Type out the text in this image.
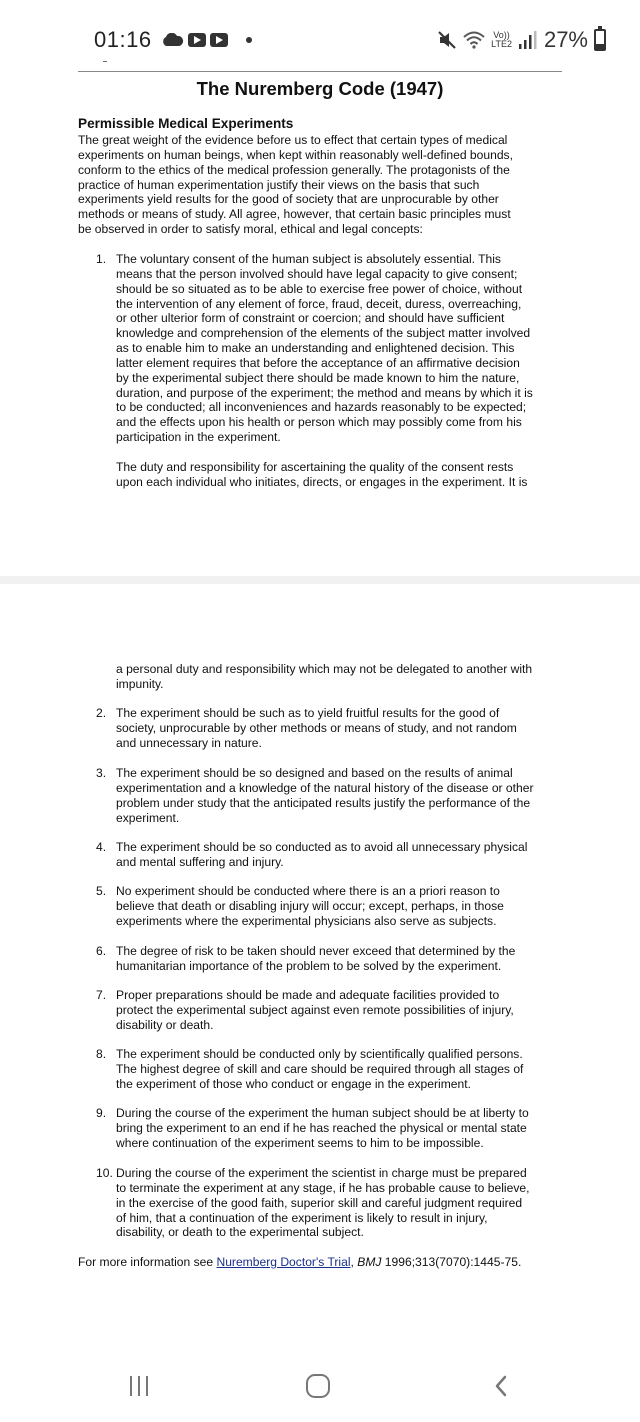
01:16	Vo))
LTE2 27%
The Nuremberg Code (1947)
Permissible Medical Experiments
The great weight of the evidence before us to effect that certain types of medical
experiments on human beings, when kept within reasonably well-defined bounds,
conform to the ethics of the medical profession generally. The protagonists of the
practice of human experimentation justify their views on the basis that such
experiments yield results for the good of society that are unprocurable by other
methods or means of study. All agree, however, that certain basic principles must
be observed in order to satisfy moral, ethical and legal concepts:
1. The voluntary consent of the human subject is absolutely essential. This
means that the person involved should have legal capacity to give consent;
should be so situated as to be able to exercise free power of choice, without
the intervention of any element of force, fraud, deceit, duress, overreaching,
or other ulterior form of constraint or coercion; and should have sufficient
knowledge and comprehension of the elements of the subject matter involved
as to enable him to make an understanding and enlightened decision. This
latter element requires that before the acceptance of an affirmative decision
by the experimental subject there should be made known to him the nature,
duration, and purpose of the experiment; the method and means by which it is
to be conducted; all inconveniences and hazards reasonably to be expected;
and the effects upon his health or person which may possibly come from his
participation in the experiment.
The duty and responsibility for ascertaining the quality of the consent rests
upon each individual who initiates, directs, or engages in the experiment. It is
a personal duty and responsibility which may not be delegated to another with
impunity.
2. The experiment should be such as to yield fruitful results for the good of
society, unprocurable by other methods or means of study, and not random
and unnecessary in nature.
3. The experiment should be so designed and based on the results of animal
experimentation and a knowledge of the natural history of the disease or other
problem under study that the anticipated results justify the performance of the
experiment.
4. The experiment should be so conducted as to avoid all unnecessary physical
and mental suffering and injury.
5. No experiment should be conducted where there is an a priori reason to
believe that death or disabling injury will occur; except, perhaps, in those
experiments where the experimental physicians also serve as subjects.
6. The degree of risk to be taken should never exceed that determined by the
humanitarian importance of the problem to be solved by the experiment.
7. Proper preparations should be made and adequate facilities provided to
protect the experimental subject against even remote possibilities of injury,
disability or death.
8. The experiment should be conducted only by scientifically qualified persons.
The highest degree of skill and care should be required through all stages of
the experiment of those who conduct or engage in the experiment.
9. During the course of the experiment the human subject should be at liberty to
bring the experiment to an end if he has reached the physical or mental state
where continuation of the experiment seems to him to be impossible.
10. During the course of the experiment the scientist in charge must be prepared
to terminate the experiment at any stage, if he has probable cause to believe,
in the exercise of the good faith, superior skill and careful judgment required
of him, that a continuation of the experiment is likely to result in injury,
disability, or death to the experimental subject.
For more information see Nuremberg Doctor's Trial, BMJ 1996;313(7070):1445-75.
